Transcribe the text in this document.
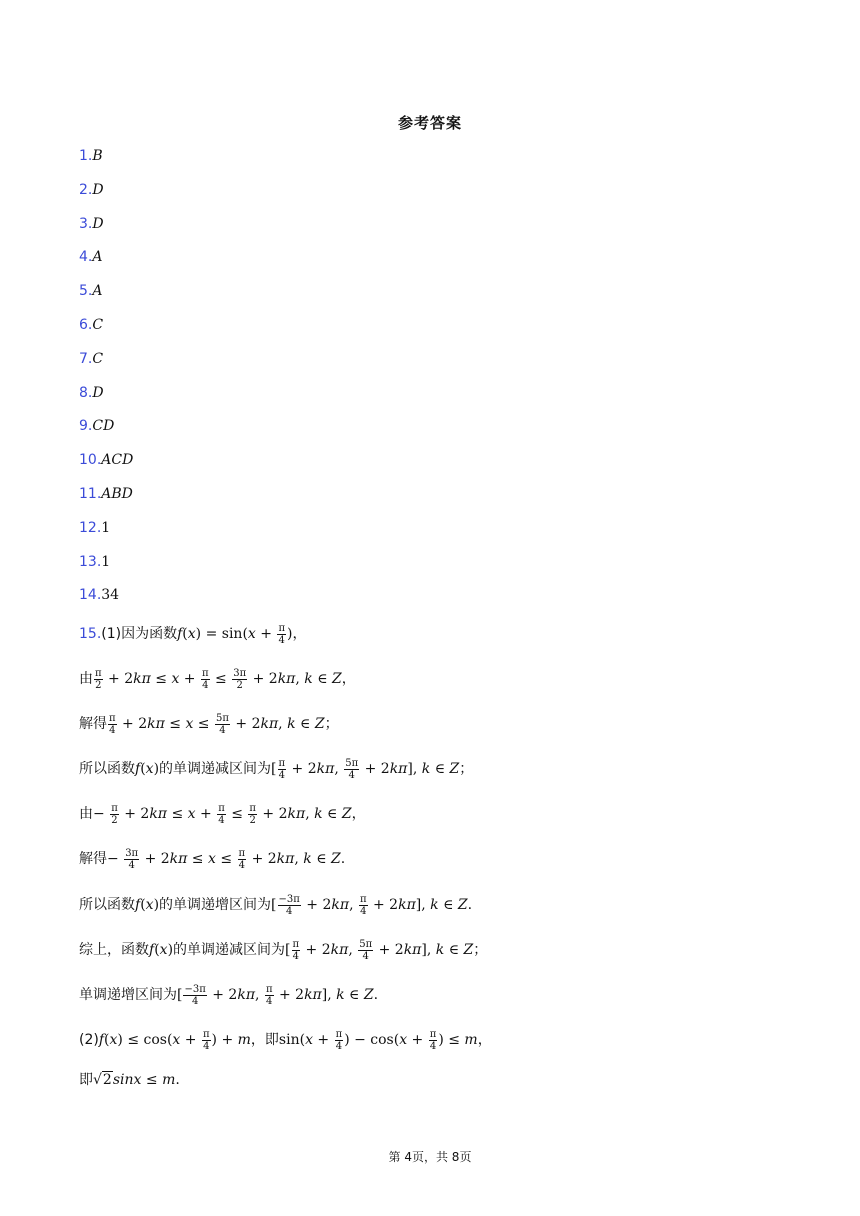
参考答案
1.B
2.D
3.D
4.A
5.A
6.C
7.C
8.D
9.CD
10.ACD
11.ABD
12.1
13.1
14.34
15.(1)因为函数$f(x) = \sin(x + \frac{\pi}{4}$ )，
由 $\frac{\pi}{2} + 2k\pi \le x + \frac{\pi}{4} \le \frac{3\pi}{2} + 2k\pi$, k ∈ Z，
解得 $\frac{\pi}{4} + 2k\pi \le x \le \frac{5\pi}{4} + 2k\pi$, k ∈ Z；
所以函数f(x)的单调递减区间为[ $\frac{\pi}{4} + 2k\pi$, $\frac{5\pi}{4} + 2k\pi$], k ∈ Z；
由− $\frac{\pi}{2} + 2k\pi \le x + \frac{\pi}{4} \le \frac{\pi}{2} + 2k\pi$, k ∈ Z，
解得− $\frac{3\pi}{4} + 2k\pi \le x \le \frac{\pi}{4} + 2k\pi$, k ∈ Z.
所以函数f(x)的单调递增区间为[ $\frac{-3\pi}{4} + 2k\pi$, $\frac{\pi}{4} + 2k\pi$], k ∈ Z.
综上，函数f(x)的单调递减区间为[ $\frac{\pi}{4} + 2k\pi$, $\frac{5\pi}{4} + 2k\pi$], k ∈ Z；
单调递增区间为[ $\frac{-3\pi}{4} + 2k\pi$, $\frac{\pi}{4} + 2k\pi$], k ∈ Z.
$(2)f(x) \le \cos(x + \frac{\pi}{4}$ ) + m，即$\sin(x + \frac{\pi}{4}$ ) − $\cos(x + \frac{\pi}{4}$ ) ≤ m，
即√2sinx ≤ m.
第 4页，共 8页
